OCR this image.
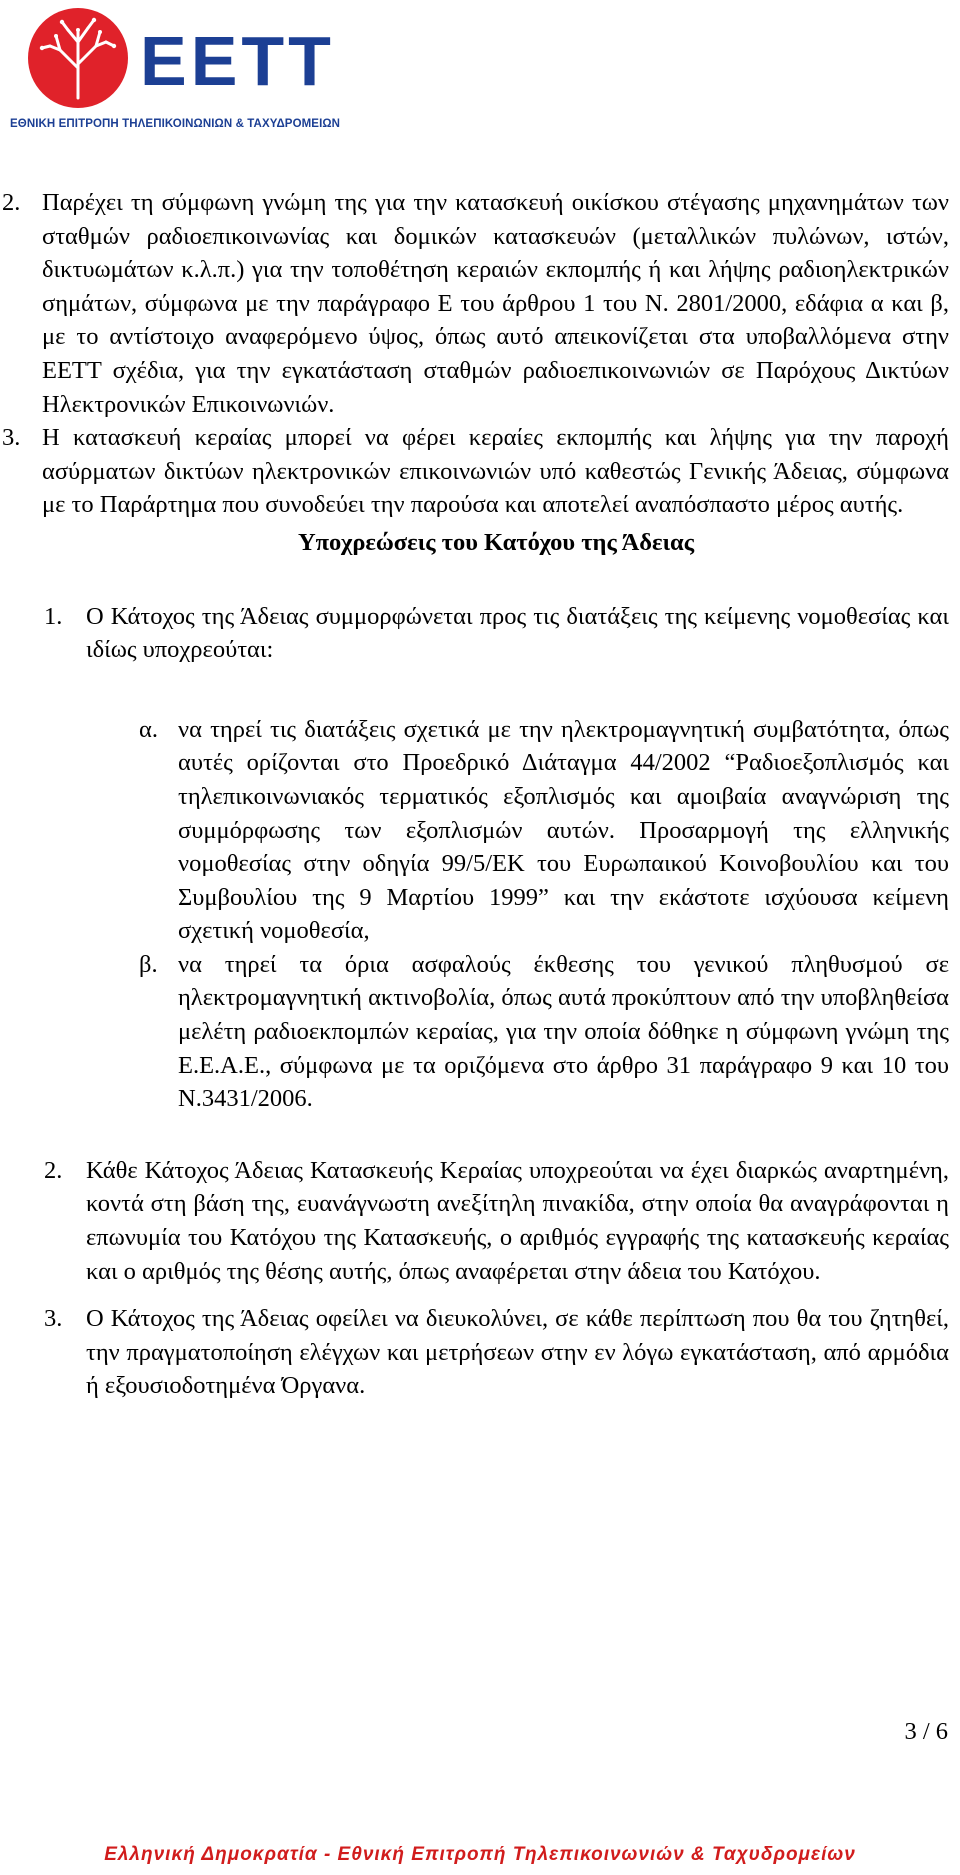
ΕΕΤΤ
ΕΘΝΙΚΗ ΕΠΙΤΡΟΠΗ ΤΗΛΕΠΙΚΟΙΝΩΝΙΩΝ & ΤΑΧΥΔΡΟΜΕΙΩΝ
2. Παρέχει τη σύμφωνη γνώμη της για την κατασκευή οικίσκου στέγασης μηχανημάτων των σταθμών ραδιοεπικοινωνίας και δομικών κατασκευών (μεταλλικών πυλώνων, ιστών, δικτυωμάτων κ.λ.π.) για την τοποθέτηση κεραιών εκπομπής ή και λήψης ραδιοηλεκτρικών σημάτων, σύμφωνα με την παράγραφο Ε του άρθρου 1 του Ν. 2801/2000, εδάφια α και β, με το αντίστοιχο αναφερόμενο ύψος, όπως αυτό απεικονίζεται στα υποβαλλόμενα στην ΕΕΤΤ σχέδια, για την εγκατάσταση σταθμών ραδιοεπικοινωνιών σε Παρόχους Δικτύων Ηλεκτρονικών Επικοινωνιών.
3. Η κατασκευή κεραίας μπορεί να φέρει κεραίες εκπομπής και λήψης για την παροχή ασύρματων δικτύων ηλεκτρονικών επικοινωνιών υπό καθεστώς Γενικής Άδειας, σύμφωνα με το Παράρτημα που συνοδεύει την παρούσα και αποτελεί αναπόσπαστο μέρος αυτής.
Υποχρεώσεις του Κατόχου της Άδειας
1. Ο Κάτοχος της Άδειας συμμορφώνεται προς τις διατάξεις της κείμενης νομοθεσίας και ιδίως υποχρεούται:
α. να τηρεί τις διατάξεις σχετικά με την ηλεκτρομαγνητική συμβατότητα, όπως αυτές ορίζονται στο Προεδρικό Διάταγμα 44/2002 “Ραδιοεξοπλισμός και τηλεπικοινωνιακός τερματικός εξοπλισμός και αμοιβαία αναγνώριση της συμμόρφωσης των εξοπλισμών αυτών. Προσαρμογή της ελληνικής νομοθεσίας στην οδηγία 99/5/ΕΚ του Ευρωπαικού Κοινοβουλίου και του Συμβουλίου της 9 Μαρτίου 1999” και την εκάστοτε ισχύουσα κείμενη σχετική νομοθεσία,
β. να τηρεί τα όρια ασφαλούς έκθεσης του γενικού πληθυσμού σε ηλεκτρομαγνητική ακτινοβολία, όπως αυτά προκύπτουν από την υποβληθείσα μελέτη ραδιοεκπομπών κεραίας, για την οποία δόθηκε η σύμφωνη γνώμη της Ε.Ε.Α.Ε., σύμφωνα με τα οριζόμενα στο άρθρο 31 παράγραφο 9 και 10 του Ν.3431/2006.
2. Κάθε Κάτοχος Άδειας Κατασκευής Κεραίας υποχρεούται να έχει διαρκώς αναρτημένη, κοντά στη βάση της, ευανάγνωστη ανεξίτηλη πινακίδα, στην οποία θα αναγράφονται η επωνυμία του Κατόχου της Κατασκευής, ο αριθμός εγγραφής της κατασκευής κεραίας και ο αριθμός της θέσης αυτής, όπως αναφέρεται στην άδεια του Κατόχου.
3. Ο Κάτοχος της Άδειας οφείλει να διευκολύνει, σε κάθε περίπτωση που θα του ζητηθεί, την πραγματοποίηση ελέγχων και μετρήσεων στην εν λόγω εγκατάσταση, από αρμόδια ή εξουσιοδοτημένα Όργανα.
3 / 6
Ελληνική Δημοκρατία - Εθνική Επιτροπή Τηλεπικοινωνιών & Ταχυδρομείων
